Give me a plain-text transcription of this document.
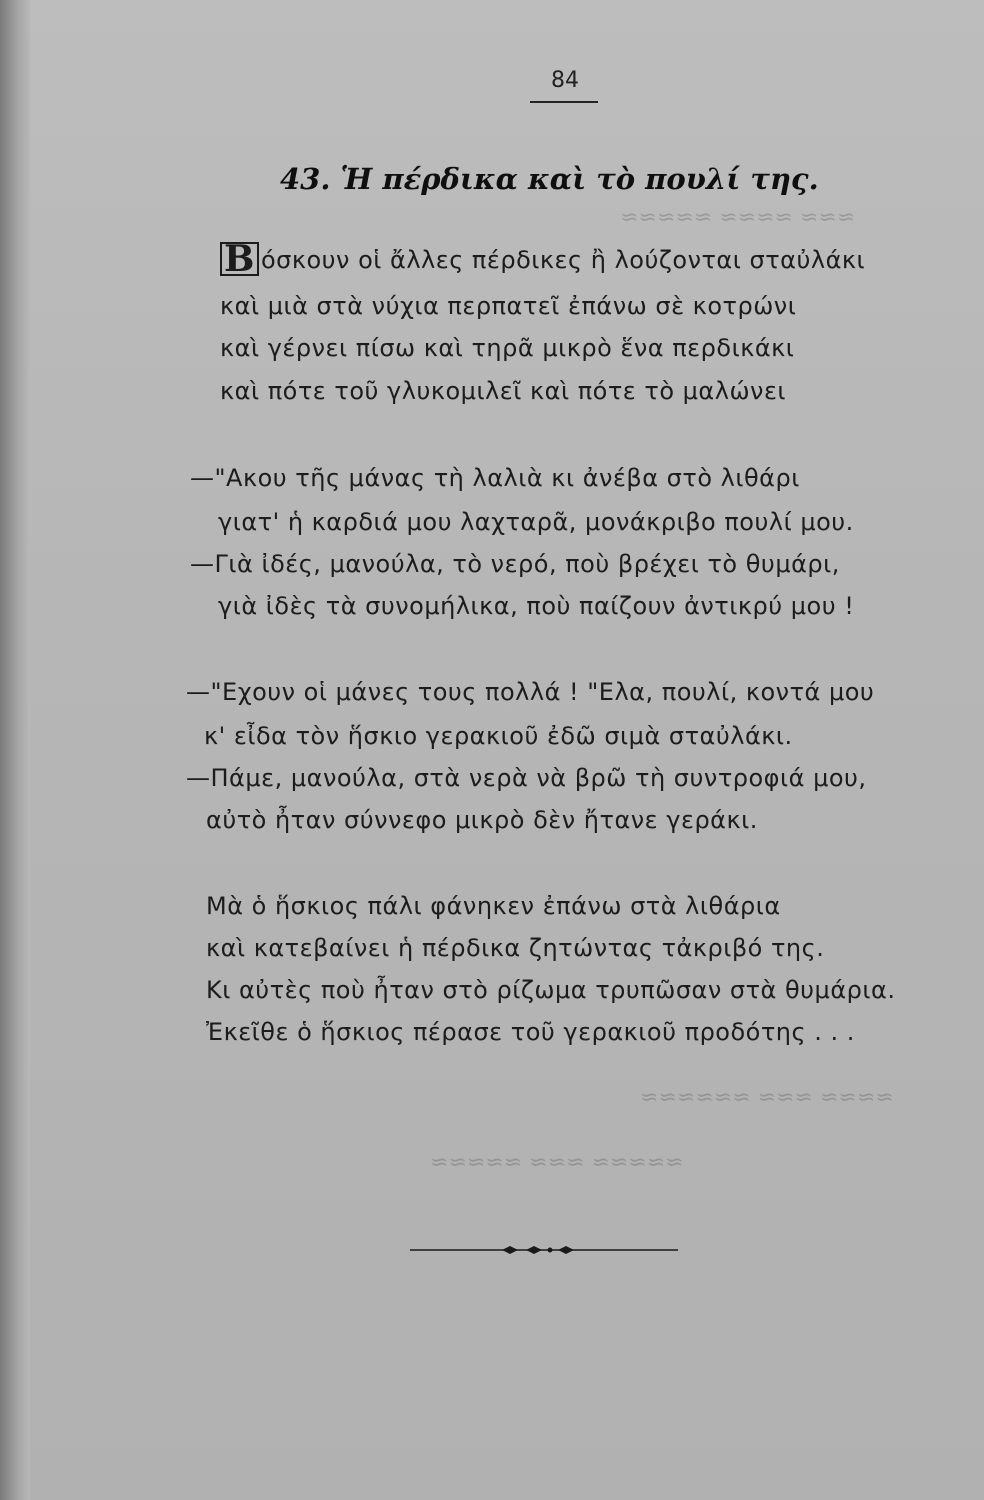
≈≈≈ ≈≈≈≈ ≈≈≈≈≈
≈≈≈≈ ≈≈≈ ≈≈≈≈≈≈
≈≈≈≈≈ ≈≈≈ ≈≈≈≈≈
84
43. Ἡ πέρδικα καὶ τὸ πουλί της.
Β όσκουν οἱ ἄλλες πέρδικες ἢ λούζονται σταὐλάκι
καὶ μιὰ στὰ νύχια περπατεῖ ἐπάνω σὲ κοτρώνι
καὶ γέρνει πίσω καὶ τηρᾶ μικρὸ ἕνα περδικάκι
καὶ πότε τοῦ γλυκομιλεῖ καὶ πότε τὸ μαλώνει
—"Ακου τῆς μάνας τὴ λαλιὰ κι ἀνέβα στὸ λιθάρι
γιατ' ἡ καρδιά μου λαχταρᾶ, μονάκριβο πουλί μου.
—Γιὰ ἰδές, μανούλα, τὸ νερό, ποὺ βρέχει τὸ θυμάρι,
γιὰ ἰδὲς τὰ συνομήλικα, ποὺ παίζουν ἀντικρύ μου !
—"Εχουν οἱ μάνες τους πολλά ! "Ελα, πουλί, κοντά μου
κ' εἶδα τὸν ἥσκιο γερακιοῦ ἐδῶ σιμὰ σταὐλάκι.
—Πάμε, μανούλα, στὰ νερὰ νὰ βρῶ τὴ συντροφιά μου,
αὐτὸ ἦταν σύννεφο μικρὸ δὲν ἤτανε γεράκι.
Μὰ ὁ ἥσκιος πάλι φάνηκεν ἐπάνω στὰ λιθάρια
καὶ κατεβαίνει ἡ πέρδικα ζητώντας τἀκριβό της.
Κι αὐτὲς ποὺ ἦταν στὸ ρίζωμα τρυπῶσαν στὰ θυμάρια.
Ἐκεῖθε ὁ ἥσκιος πέρασε τοῦ γερακιοῦ προδότης . . .
